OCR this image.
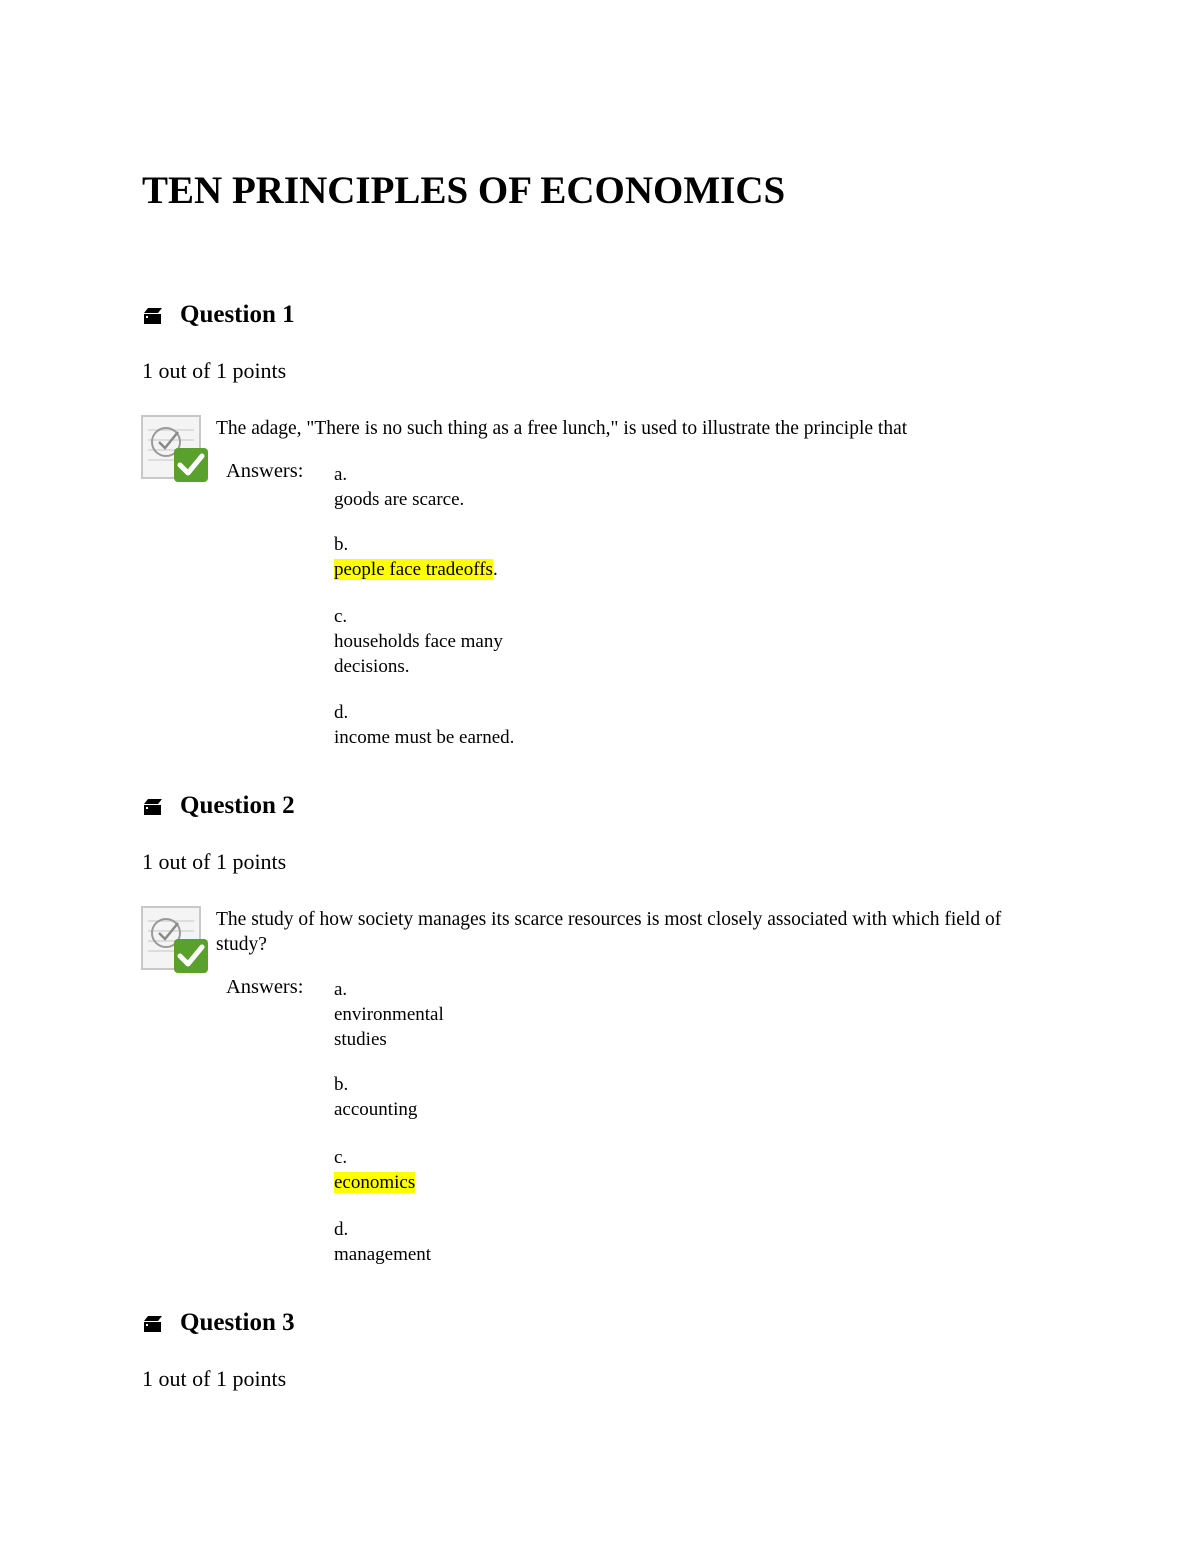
TEN PRINCIPLES OF ECONOMICS
Question 1
1 out of 1 points
The adage, "There is no such thing as a free lunch," is used to illustrate the principle that
Answers: a.
goods are scarce.
b.
people face tradeoffs.
c.
households face many
decisions.
d.
income must be earned.
Question 2
1 out of 1 points
The study of how society manages its scarce resources is most closely associated with which field of study?
Answers: a.
environmental
studies
b.
accounting
c.
economics
d.
management
Question 3
1 out of 1 points
